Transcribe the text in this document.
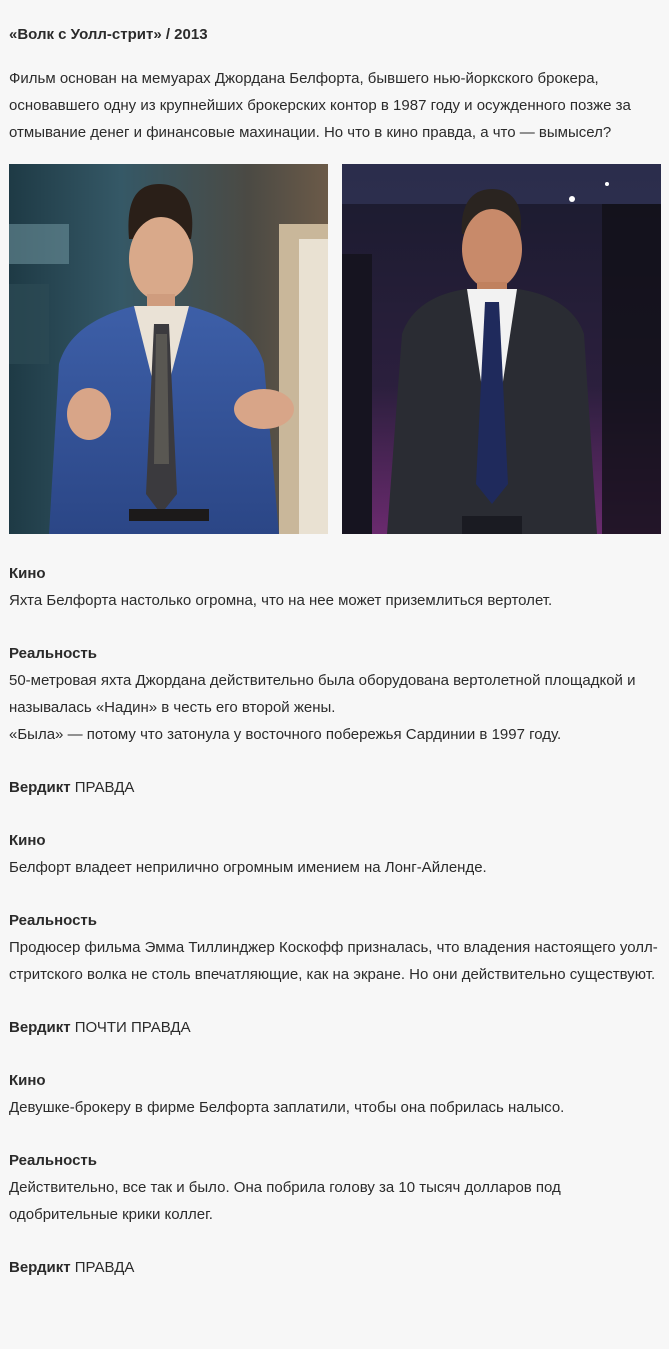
«Волк с Уолл-стрит» / 2013

Фильм основан на мемуарах Джордана Белфорта, бывшего нью-йоркского брокера, основавшего одну из крупнейших брокерских контор в 1987 году и осужденного позже за отмывание денег и финансовые махинации. Но что в кино правда, а что — вымысел?

Кино

Яхта Белфорта настолько огромна, что на нее может приземлиться вертолет.

Реальность

50-метровая яхта Джордана действительно была оборудована вертолетной площадкой и называлась «Надин» в честь его второй жены.

«Была» — потому что затонула у восточного побережья Сардинии в 1997 году.

Вердикт ПРАВДА
Кино

Белфорт владеет неприлично огромным имением на Лонг-Айленде.

Реальность

Продюсер фильма Эмма Тиллинджер Коскофф призналась, что владения настоящего уолл-стритского волка не столь впечатляющие, как на экране. Но они действительно существуют.

Вердикт ПОЧТИ ПРАВДА
Кино

Девушке-брокеру в фирме Белфорта заплатили, чтобы она побрилась налысо.

Реальность

Действительно, все так и было. Она побрила голову за 10 тысяч долларов под одобрительные крики коллег.

Вердикт ПРАВДА
